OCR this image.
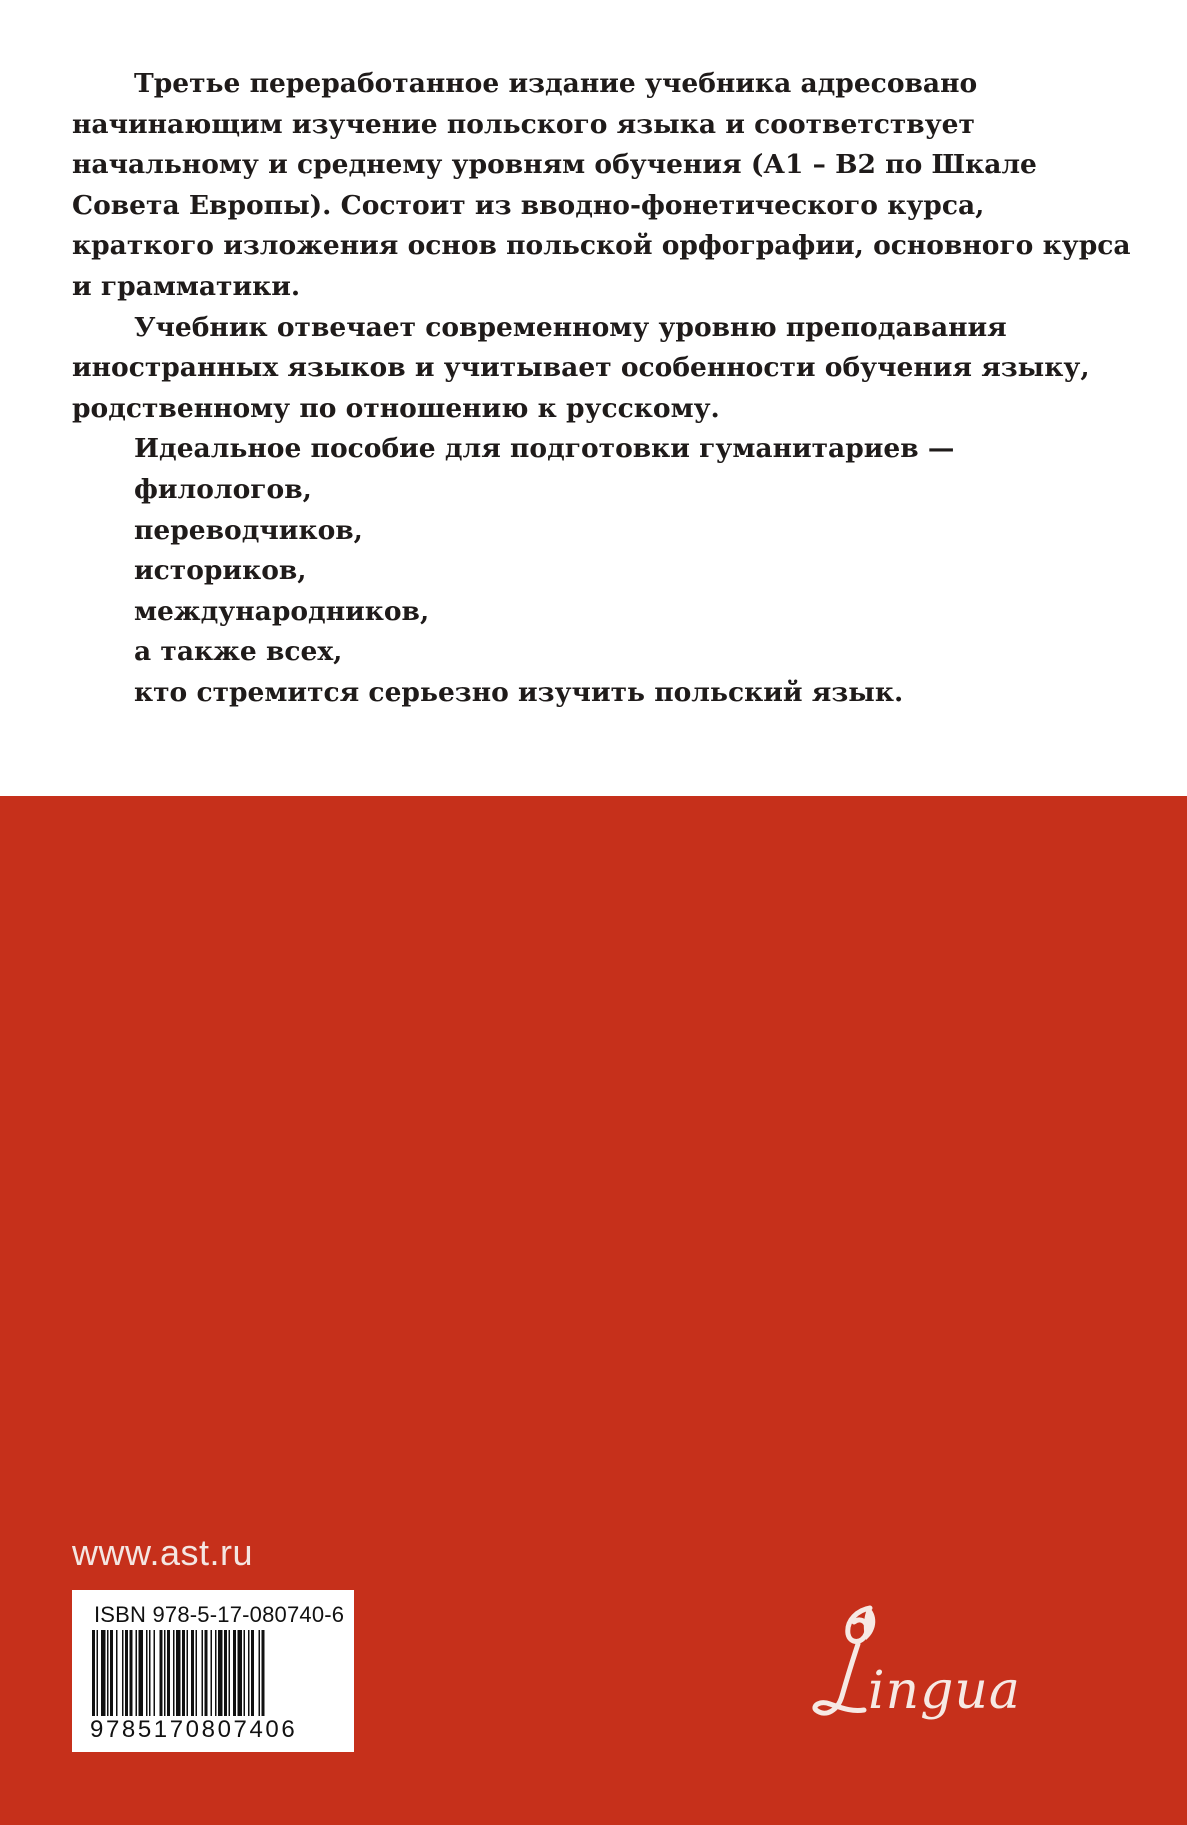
Третье переработанное издание учебника адресовано начинающим изучение польского языка и соответствует начальному и среднему уровням обучения (А1 – В2 по Шкале Совета Европы). Состоит из вводно-фонетического курса, краткого изложения основ польской орфографии, основного курса и грамматики.

Учебник отвечает современному уровню преподавания иностранных языков и учитывает особенности обучения языку, родственному по отношению к русскому.

Идеальное пособие для подготовки гуманитариев —

филологов,
переводчиков,
историков,
международников,
а также всех,
кто стремится серьезно изучить польский язык.
www.ast.ru
ISBN 978-5-17-080740-6
9785170807406
ingua
